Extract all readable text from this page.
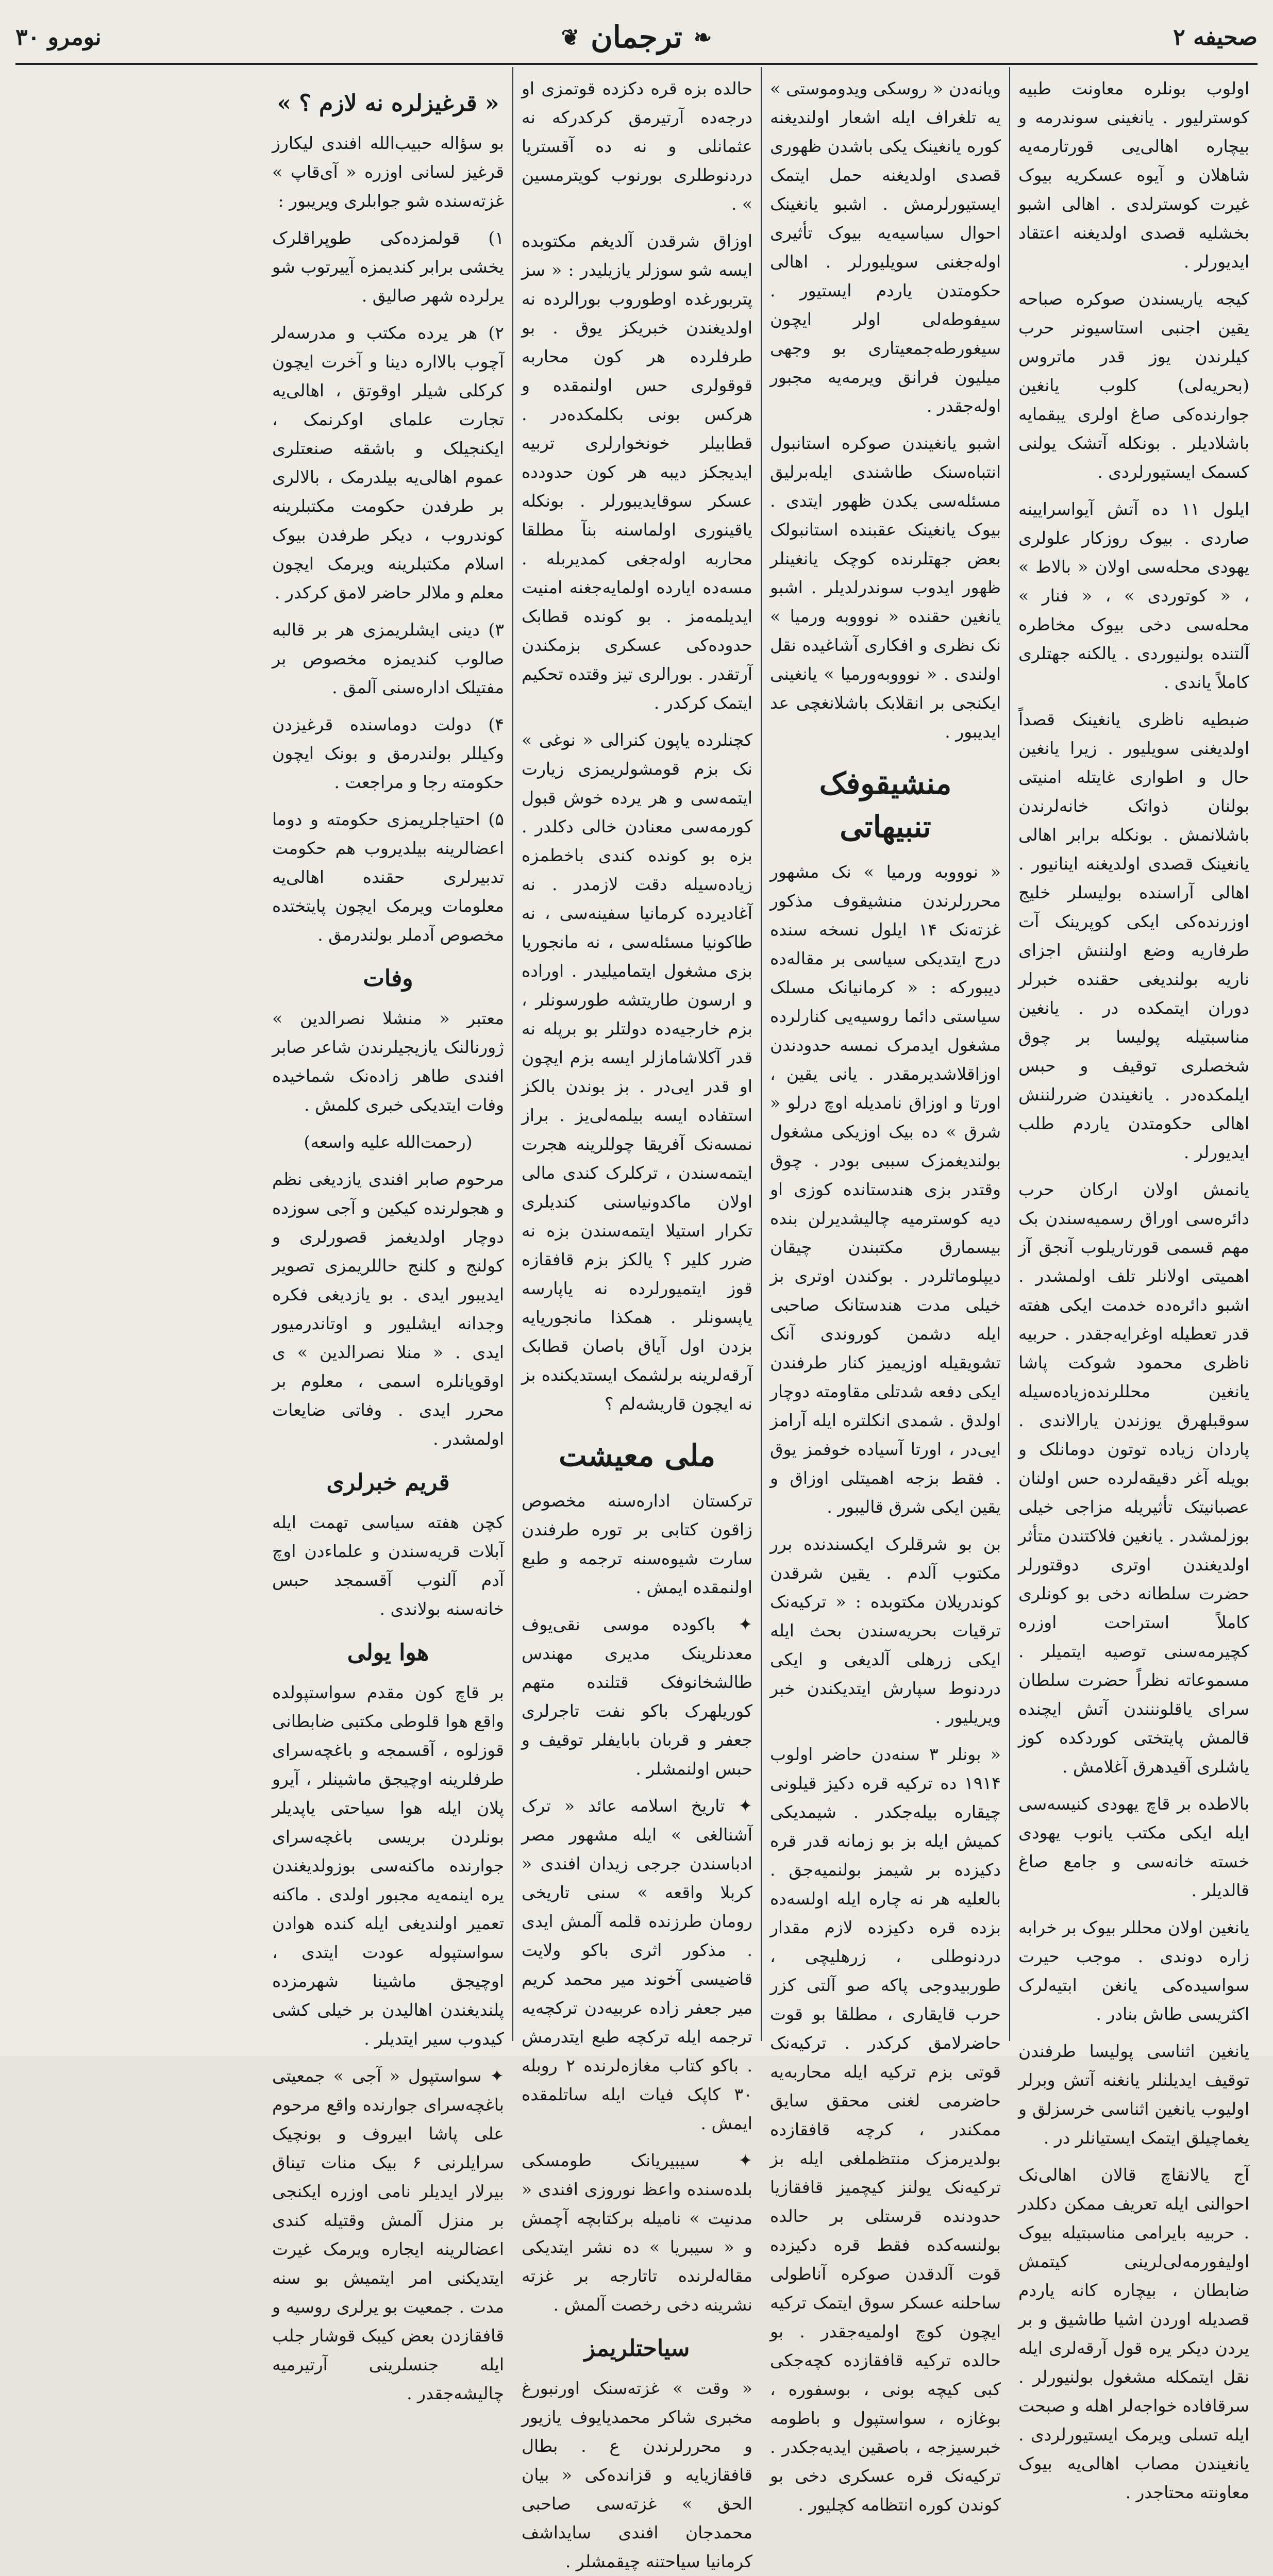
نومرو ۳۰	❦ ترجمان ❧	صحیفه ۲

اولوب بونلره معاونت طبیه کوسترلیور . یانغینی سوندرمه و بیچاره اهالی‌یی قورتارمه‌یه شاهلان و آیوه عسکریه بیوک غیرت کوسترلدی . اهالی اشبو بخشلیه قصدی اولدیغنه اعتقاد ایدیورلر .

کیجه یاریسندن صوکره صباحه یقین اجنبی استاسیونر حرب کیلرندن یوز قدر ماتروس (بحریه‌لی) کلوب یانغین جوارنده‌کی صاغ اولری یبقمایه باشلادیلر . بونکله آتشک یولنی کسمک ایستیورلردی .

ایلول ۱۱ ده آتش آیواسرایینه صاردی . بیوک روزکار علولری یهودی محله‌سی اولان « بالاط » ، « کوتوردی » ، « فنار » محله‌سی دخی بیوک مخاطره آلتنده بولنیوردی . یالکنه جهتلری کاملاً یاندی .

ضبطیه ناظری یانغینک قصداً اولدیغنی سویلیور . زیرا یانغین حال و اطواری غایتله امنیتی بولنان ذواتک خانه‌لرندن باشلانمش . بونکله برابر اهالی یانغینک قصدی اولدیغنه اینانیور . اهالی آراسنده بولیسلر خلیج اوزرنده‌کی ایکی کوپرینک آت طرفاریه وضع اولننش اجزای ناریه بولندیغی حقنده خبرلر دوران ایتمکده در . یانغین مناسبتیله پولیسا بر چوق شخصلری توقیف و حبس ایلمکده‌در . یانغیندن ضررلننش اهالی حکومتدن یاردم طلب ایدیورلر .

یانمش اولان ارکان حرب دائره‌سی اوراق رسمیه‌سندن بک مهم قسمی قورتاریلوب آنجق آز اهمیتی اولانلر تلف اولمشدر . اشبو دائره‌ده خدمت ایکی هفته قدر تعطیله اوغرایه‌جقدر . حربیه ناظری محمود شوکت پاشا یانغین محللرنده‌زیاده‌سیله سوقبلهرق یوزندن یارالاندی . پاردان زیاده توتون دومانلک و بویله آغر دقیقه‌لرده حس اولنان عصبانیتک تأثیریله مزاجی خیلی بوزلمشدر . یانغین فلاکتندن متأثر اولدیغندن اوتری دوقتورلر حضرت سلطانه دخی بو کونلری کاملاً استراحت اوزره کچیرمه‌سنی توصیه ایتمیلر . مسموعاته نظراً حضرت سلطان سرای یاقلوننندن آتش ایچنده قالمش پایتختی کوردکده کوز یاشلری آقیدهرق آغلامش .

بالاطده بر قاچ یهودی کنیسه‌سی ایله ایکی مکتب یانوب یهودی خسته خانه‌سی و جامع صاغ قالدیلر .

یانغین اولان محللر بیوک بر خرابه زاره دوندی . موجب حیرت سواسیده‌کی یانغن ابتیه‌لرک اکثریسی طاش بنادر .

یانغین اثناسی پولیسا طرفندن توقیف ایدیلنلر یانغنه آتش وبرلر اولیوب یانغین اثناسی خرسزلق و یغماچیلق ایتمک ایستیانلر در .

آج یالانقاچ قالان اهالی‌نک احوالنی ایله تعریف ممکن دکلدر . حربیه بایرامی مناسبتیله بیوک اولیفورمه‌لی‌لرینی کیتمش ضابطان ، بیچاره کانه یاردم قصدیله اوردن اشیا طاشیق و بر یردن دیکر یره قول آرقه‌لری ایله نقل ایتمکله مشغول بولنیورلر . سرقافاده خواجه‌لر اهله و صبحت ایله تسلی ویرمک ایستیورلردی . یانغیندن مصاب اهالی‌یه بیوک معاونته محتاجدر .

ویانه‌دن « روسکی ویدوموستی » یه تلغراف ایله اشعار اولندیغنه کوره یانغینک یکی باشدن ظهوری قصدی اولدیغنه حمل ایتمک ایستیورلرمش . اشبو یانغینک احوال سیاسیه‌یه بیوک تأثیری اوله‌جغنی سویلیورلر . اهالی حکومتدن یاردم ایستیور . سیفوطه‌لی اولر ایچون سیغورطه‌جمعیتاری بو وجهی میلیون فرانق ویرمه‌یه مجبور اوله‌جقدر .

اشبو یانغیندن صوکره استانبول انتباه‌سنک طاشندی ایله‌برلیق مسئله‌سی یکدن ظهور ایتدی . بیوک یانغینک عقبنده استانبولک بعض جهتلرنده کوچک یانغینلر ظهور ایدوب سوندرلدیلر . اشبو یانغین حقنده « نوووبه ورمیا » نک نظری و افکاری آشاغیده نقل اولندی . « نوووبه‌ورمیا » یانغینی ایکنجی بر انقلابک باشلانغچی عد ایدیبور .

منشیقوفک تنبیهاتی

« نوووبه ورمیا » نک مشهور محررلرندن منشیقوف مذکور غزته‌نک ۱۴ ایلول نسخه سنده درج ایتدیکی سیاسی بر مقاله‌ده دیبورکه : « کرمانیانک مسلک سیاستی دائما روسیه‌یی کنارلرده مشغول ایدمرک نمسه حدودندن اوزاقلاشدیرمقدر . یانی یقین ، اورتا و اوزاق نامدیله اوچ درلو « شرق » ده بیک اوزیکی مشغول بولندیغمزک سببی بودر . چوق وقتدر بزی هندستانده کوزی او دیه کوسترمیه چالیشدیرلن بنده بیسمارق مکتبندن چیقان دیپلوماتلردر . بوکندن اوتری بز خیلی مدت هندستانک صاحبی ایله دشمن کوروندی آنک تشویقیله اوزیمیز کنار طرفندن ایکی دفعه شدتلی مقاومته دوچار اولدق . شمدی انکلتره ایله آرامز ایی‌در ، اورتا آسیاده خوفمز یوق . فقط بزجه اهمیتلی اوزاق و یقین ایکی شرق قالیبور .

بن بو شرقلرک ایکسندنده برر مکتوب آلدم . یقین شرقدن کوندریلان مکتوبده : « ترکیه‌نک ترقیات بحریه‌سندن بحث ایله ایکی زرهلی آلدیغی و ایکی دردنوط سپارش ایتدیکندن خبر ویریلیور .

« بونلر ۳ سنه‌دن حاضر اولوب ۱۹۱۴ ده ترکیه قره دکیز قیلونی چیقاره بیله‌جکدر . شیمدیکی کمیش ایله بز بو زمانه قدر قره دکیزده بر شیمز بولنمیه‌جق . بالعلیه هر نه چاره ایله اولسه‌ده بزده قره دکیزده لازم مقدار دردنوطلی ، زرهلیچی ، طوربیدوجی پاکه صو آلتی کزر حرب قایقاری ، مطلقا بو قوت حاضرلامق کرکدر . ترکیه‌نک قوتی بزم ترکیه ایله محاربه‌یه حاضرمی لغنی محقق سایق ممکندر ، کرچه قافقازده بولدیرمزک منتظملغی ایله بز ترکیه‌نک یولنز کیچمیز قافقازیا حدودنده قرستلی بر حالده بولنسه‌کده فقط قره دکیزده قوت آلدقدن صوکره آناطولی ساحلنه عسکر سوق ایتمک ترکیه ایچون کوچ اولمیه‌جقدر . بو حالده ترکیه قافقازده کچه‌جکی کبی کیچه بونی ، بوسفوره ، بوغازه ، سواستپول و باطومه خبرسیزجه ، باصقین ایدیه‌جکدر . ترکیه‌نک قره عسکری دخی بو کوندن کوره انتظامه کچلیور .

حالده بزه قره دکزده قوتمزی او درجه‌ده آرتیرمق کرکدرکه نه عثمانلی و نه ده آقستریا دردنوطلری بورنوب کویترمسین » .

اوزاق شرقدن آلدیغم مکتوبده ایسه شو سوزلر یازیلیدر : « سز پتربورغده اوطوروب بورالرده نه اولدیغندن خبریکز یوق . بو طرفلرده هر کون محاربه قوقولری حس اولنمقده و هرکس بونی بکلمکده‌در . قطابیلر خونخوارلری تربیه ایدیجکز دیبه هر کون حدودده‌ عسکر سوقایدیبورلر . بونکله یاقینوری اولماسنه بنآ مطلقا محاربه اوله‌جغی کمدیربله . مسه‌ده ایارده اولمایه‌جغنه امنیت ایدیلمه‌مز . بو کونده قطابک حدوده‌کی عسکری بزمکندن آرتقدر . بورالری تیز وقتده تحکیم ایتمک کرکدر .

کچنلرده یاپون کنرالی « نوغی » نک بزم قومشولریمزی زیارت ایتمه‌سی و هر یرده خوش قبول کورمه‌سی معنادن خالی دکلدر . بزه بو کونده کندی باخطمزه زیاده‌سیله دقت لازمدر . نه آغادیرده کرمانیا سفینه‌سی ، نه طاکونیا مسئله‌سی ، نه مانجوریا بزی مشغول ایتمامیلیدر . اوراده و ارسون طاریتشه طورسونلر ، بزم خارجیه‌ده دولتلر بو برپله نه قدر آکلاشامازلر ایسه بزم ایچون او قدر ایی‌در . بز بوندن بالکز استفاده ایسه بیلمه‌لی‌یز . براز نمسه‌نک آفریقا چوللرینه هجرت ایتمه‌سندن ، ترکلرک کندی مالی اولان ماکدونیاسنی کندیلری تکرار استیلا ایتمه‌سندن بزه نه ضرر کلیر ؟ یالکز بزم قافقازه قوز ایتمیورلرده نه یاپارسه یاپسونلر . همکذا مانجوریایه بزدن اول آیاق باصان قطابک آرقه‌لرینه برلشمک ایستدیکنده بز نه ایچون قاریشه‌لم ؟

ملی معیشت

ترکستان اداره‌سنه مخصوص زاقون کتابی بر توره طرفندن سارت شیوه‌سنه ترجمه و طبع اولنمقده ایمش .

✦ باکوده موسی نقی‌یوف معدنلرینک مدیری مهندس طالشخانوفک قتلنده متهم کوریلهرک باکو نفت تاجرلری جعفر و قربان بابایفلر توقیف و حبس اولنمشلر .

✦ تاریخ اسلامه عائد « ترک آشنالغی » ایله مشهور مصر ادباسندن جرجی زیدان افندی « کربلا واقعه » سنی تاریخی رومان طرزنده قلمه آلمش ایدی . مذکور اثری باکو ولایت قاضیسی آخوند میر محمد کریم میر جعفر زاده عربیه‌دن ترکچه‌یه ترجمه ایله ترکچه طبع ایتدرمش . باکو کتاب مغازه‌لرنده ۲ روبله ۳۰ کاپک فیات ایله ساتلمقده ایمش .

✦ سیبیریانک طومسکی بلده‌سنده واعظ نوروزی افندی « مدنیت » نامیله برکتابچه آچمش و « سیبریا » ده نشر ایتدیکی مقاله‌لرنده تاتارجه بر غزته نشرینه دخی رخصت آلمش .

سیاحتلریمز

« وقت » غزته‌سنک اورنبورغ مخبری شاکر محمدیایوف یازیور و محررلرندن ع . بطال قافقازیایه و قزانده‌کی « بیان الحق » غزته‌سی صاحبی محمدجان افندی سایداشف کرمانیا سیاحتنه چیقمشلر .

« قرغیزلره نه لازم ؟ »

بو سؤاله حبیب‌الله افندی لیکارز قرغیز لسانی اوزره « آی‌قاپ » غزته‌سنده شو جوابلری ویریبور :

۱) قولمزده‌کی طوپراقلرک یخشی برابر کندیمزه آییرتوب شو یرلرده شهر صالیق .

۲) هر یرده مکتب و مدرسه‌لر آچوب بالااره دینا و آخرت ایچون کرکلی شیلر اوقوتق ، اهالی‌یه تجارت علمای اوکرنمک ، ایکنجیلک و باشقه صنعتلری عموم اهالی‌یه بیلدرمک ، بالالری بر طرفدن حکومت مکتبلرینه کوندروب ، دیکر طرفدن بیوک اسلام مکتبلرینه ویرمک ایچون معلم و ملالر حاضر لامق کرکدر .

۳) دینی ایشلریمزی هر بر قالبه صالوب کندیمزه مخصوص بر مفتیلک اداره‌سنی آلمق .

۴) دولت دوماسنده قرغیزدن وکیللر بولندرمق و بونک ایچون حکومته رجا و مراجعت .

۵) احتیاجلریمزی حکومته و دوما اعضالرینه بیلدیروب هم حکومت تدبیرلری حقنده اهالی‌یه معلومات ویرمک ایچون پایتختده مخصوص آدملر بولندرمق .

وفات

معتبر « منشلا نصرالدین » ژورنالنک یازیجیلرندن شاعر صابر افندی طاهر زاده‌نک شماخیده وفات ایتدیکی خبری کلمش .

(رحمت‌الله علیه واسعه)

مرحوم صابر افندی یازدیغی نظم و هجولرنده کیکین و آجی سوزده دوچار اولدیغمز قصورلری و کولنج و کلنج حاللریمزی تصویر ایدیبور ایدی . بو یازدیغی فکره وجدانه ایشلیور و اوتاندرمیور ایدی . « منلا نصرالدین » ی اوقویانلره اسمی ، معلوم بر محرر ایدی . وفاتی ضایعات اولمشدر .

قریم خبرلری

کچن هفته سیاسی تهمت ایله آبلات قریه‌سندن و علماءدن اوچ آدم آلنوب آقسمجد حبس خانه‌سنه بولاندی .

هوا یولی

بر قاچ کون مقدم سواستپولده واقع هوا قلوطی مکتبی ضابطانی قوزلوه ، آقسمجه و باغچه‌سرای طرفلرینه اوچیجق ماشینلر ، آیرو پلان ایله هوا سیاحتی یاپدیلر بونلردن بریسی باغچه‌سرای جوارنده ماکنه‌سی بوزولدیغندن یره اینمه‌یه مجبور اولدی . ماکنه تعمیر اولندیغی ایله کنده هوادن سواستپوله عودت ایتدی ، اوچیجق ماشینا شهرمزده پلندیغندن اهالیدن بر خیلی کشی کیدوب سیر ایتدیلر .

✦ سواستپول « آجی » جمعیتی باغچه‌سرای جوارنده واقع مرحوم علی پاشا ابیروف و بونچیک سرایلرنی ۶ بیک منات تیناق بیرلار ایدیلر نامی اوزره ایکنجی بر منزل آلمش وقتیله کندی اعضالرینه ایجاره ویرمک غیرت ایتدیکنی امر ایتمیش بو سنه مدت . جمعیت بو یرلری روسیه و قافقازدن بعض کیبک قوشار جلب ایله جنسلرینی آرتیرمیه چالیشه‌جقدر .
